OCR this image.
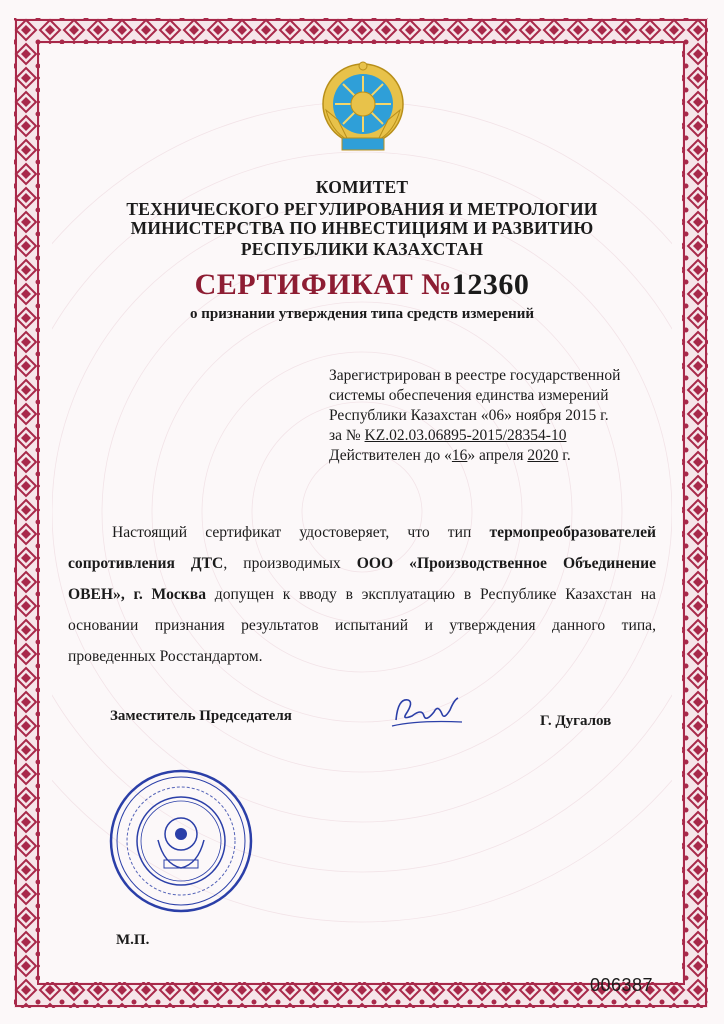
КОМИТЕТ
ТЕХНИЧЕСКОГО РЕГУЛИРОВАНИЯ И МЕТРОЛОГИИ
МИНИСТЕРСТВА ПО ИНВЕСТИЦИЯМ И РАЗВИТИЮ
РЕСПУБЛИКИ КАЗАХСТАН
СЕРТИФИКАТ №12360
о признании утверждения типа средств измерений
Зарегистрирован в реестре государственной
системы обеспечения единства измерений
Республики Казахстан «06» ноября 2015 г.
за № KZ.02.03.06895-2015/28354-10
Действителен до «16» апреля 2020 г.
Настоящий сертификат удостоверяет, что тип термопреобразователей сопротивления ДТС, производимых ООО «Производственное Объединение ОВЕН», г. Москва допущен к вводу в эксплуатацию в Республике Казахстан на основании признания результатов испытаний и утверждения данного типа, проведенных Росстандартом.
Заместитель Председателя	Г. Дугалов
М.П.
006387
